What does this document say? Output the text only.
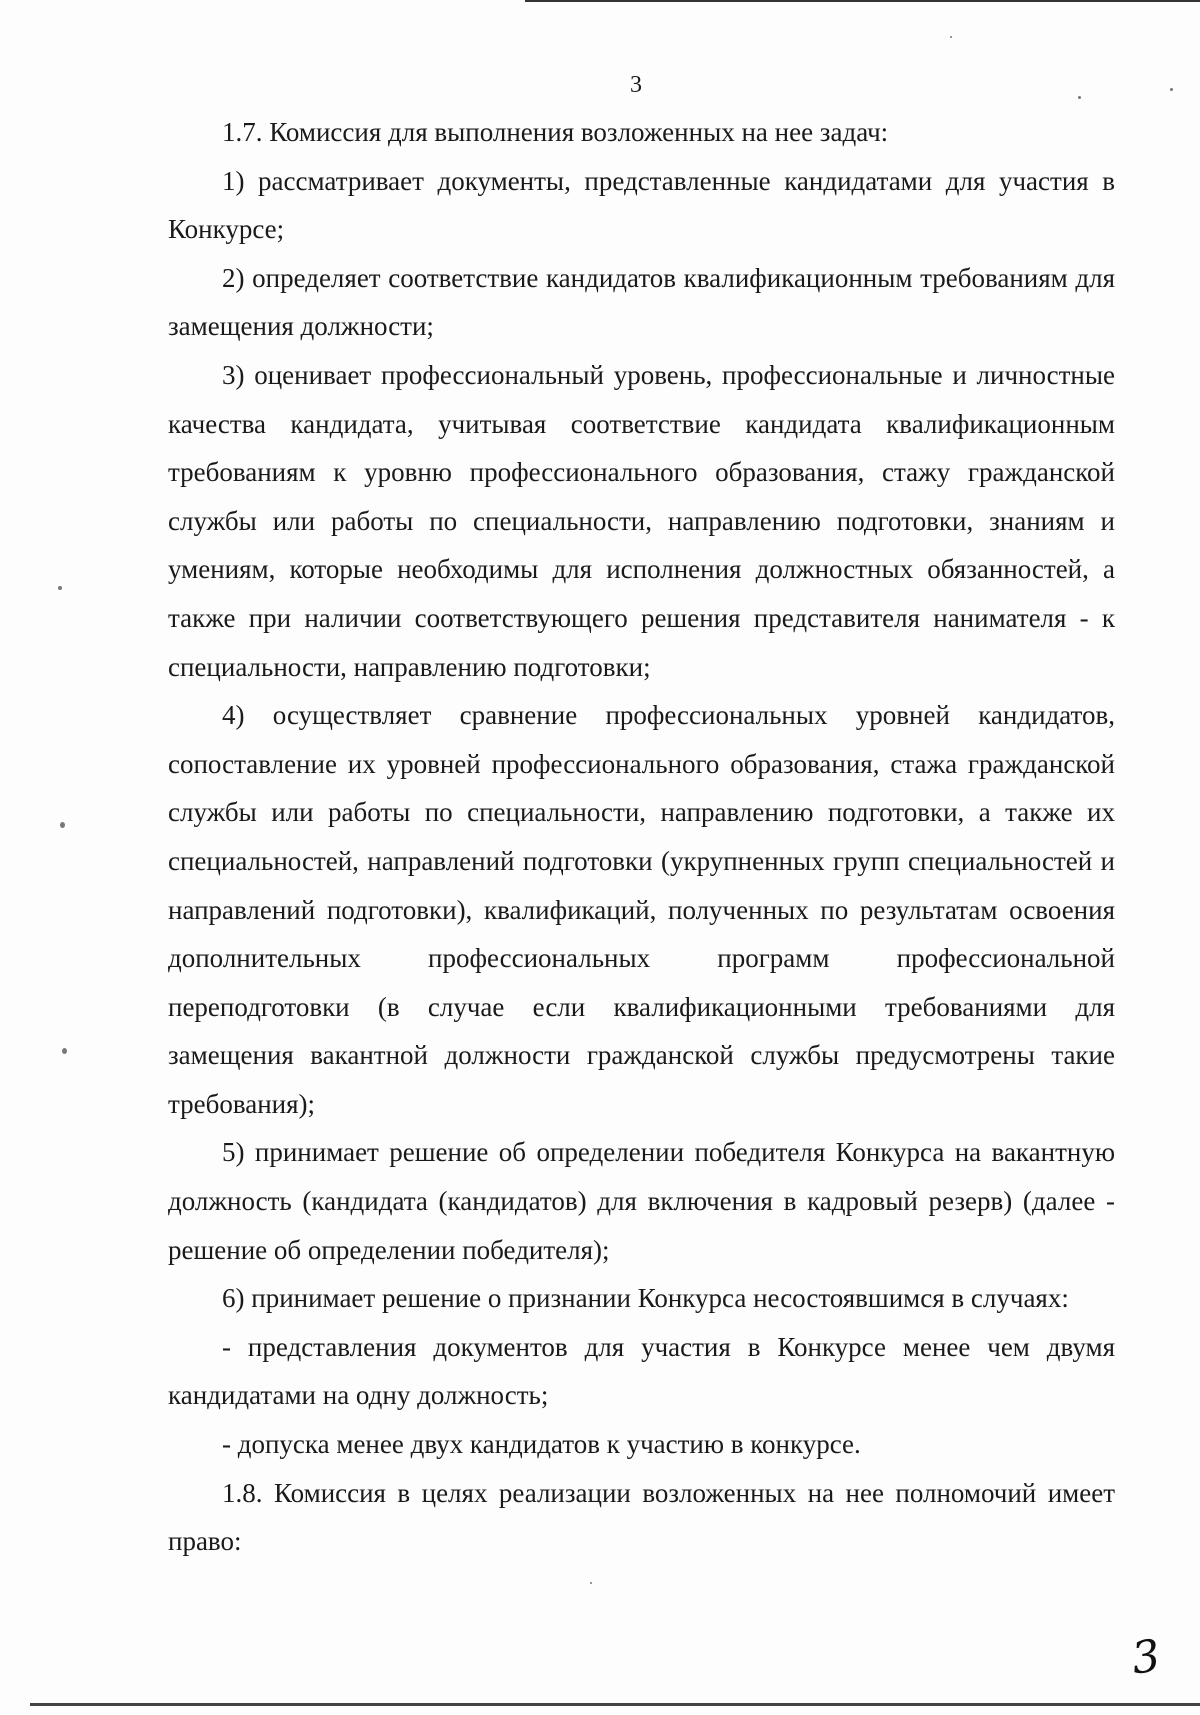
3

1.7. Комиссия для выполнения возложенных на нее задач:

1) рассматривает документы, представленные кандидатами для участия в Конкурсе;

2) определяет соответствие кандидатов квалификационным требованиям для замещения должности;

3) оценивает профессиональный уровень, профессиональные и личностные качества кандидата, учитывая соответствие кандидата квалификационным требованиям к уровню профессионального образования, стажу гражданской службы или работы по специальности, направлению подготовки, знаниям и умениям, которые необходимы для исполнения должностных обязанностей, а также при наличии соответствующего решения представителя нанимателя - к специальности, направлению подготовки;

4) осуществляет сравнение профессиональных уровней кандидатов, сопоставление их уровней профессионального образования, стажа гражданской службы или работы по специальности, направлению подготовки, а также их специальностей, направлений подготовки (укрупненных групп специальностей и направлений подготовки), квалификаций, полученных по результатам освоения дополнительных профессиональных программ профессиональной переподготовки (в случае если квалификационными требованиями для замещения вакантной должности гражданской службы предусмотрены такие требования);

5) принимает решение об определении победителя Конкурса на вакантную должность (кандидата (кандидатов) для включения в кадровый резерв) (далее - решение об определении победителя);

6) принимает решение о признании Конкурса несостоявшимся в случаях:

- представления документов для участия в Конкурсе менее чем двумя кандидатами на одну должность;

- допуска менее двух кандидатов к участию в конкурсе.

1.8. Комиссия в целях реализации возложенных на нее полномочий имеет право:

3
